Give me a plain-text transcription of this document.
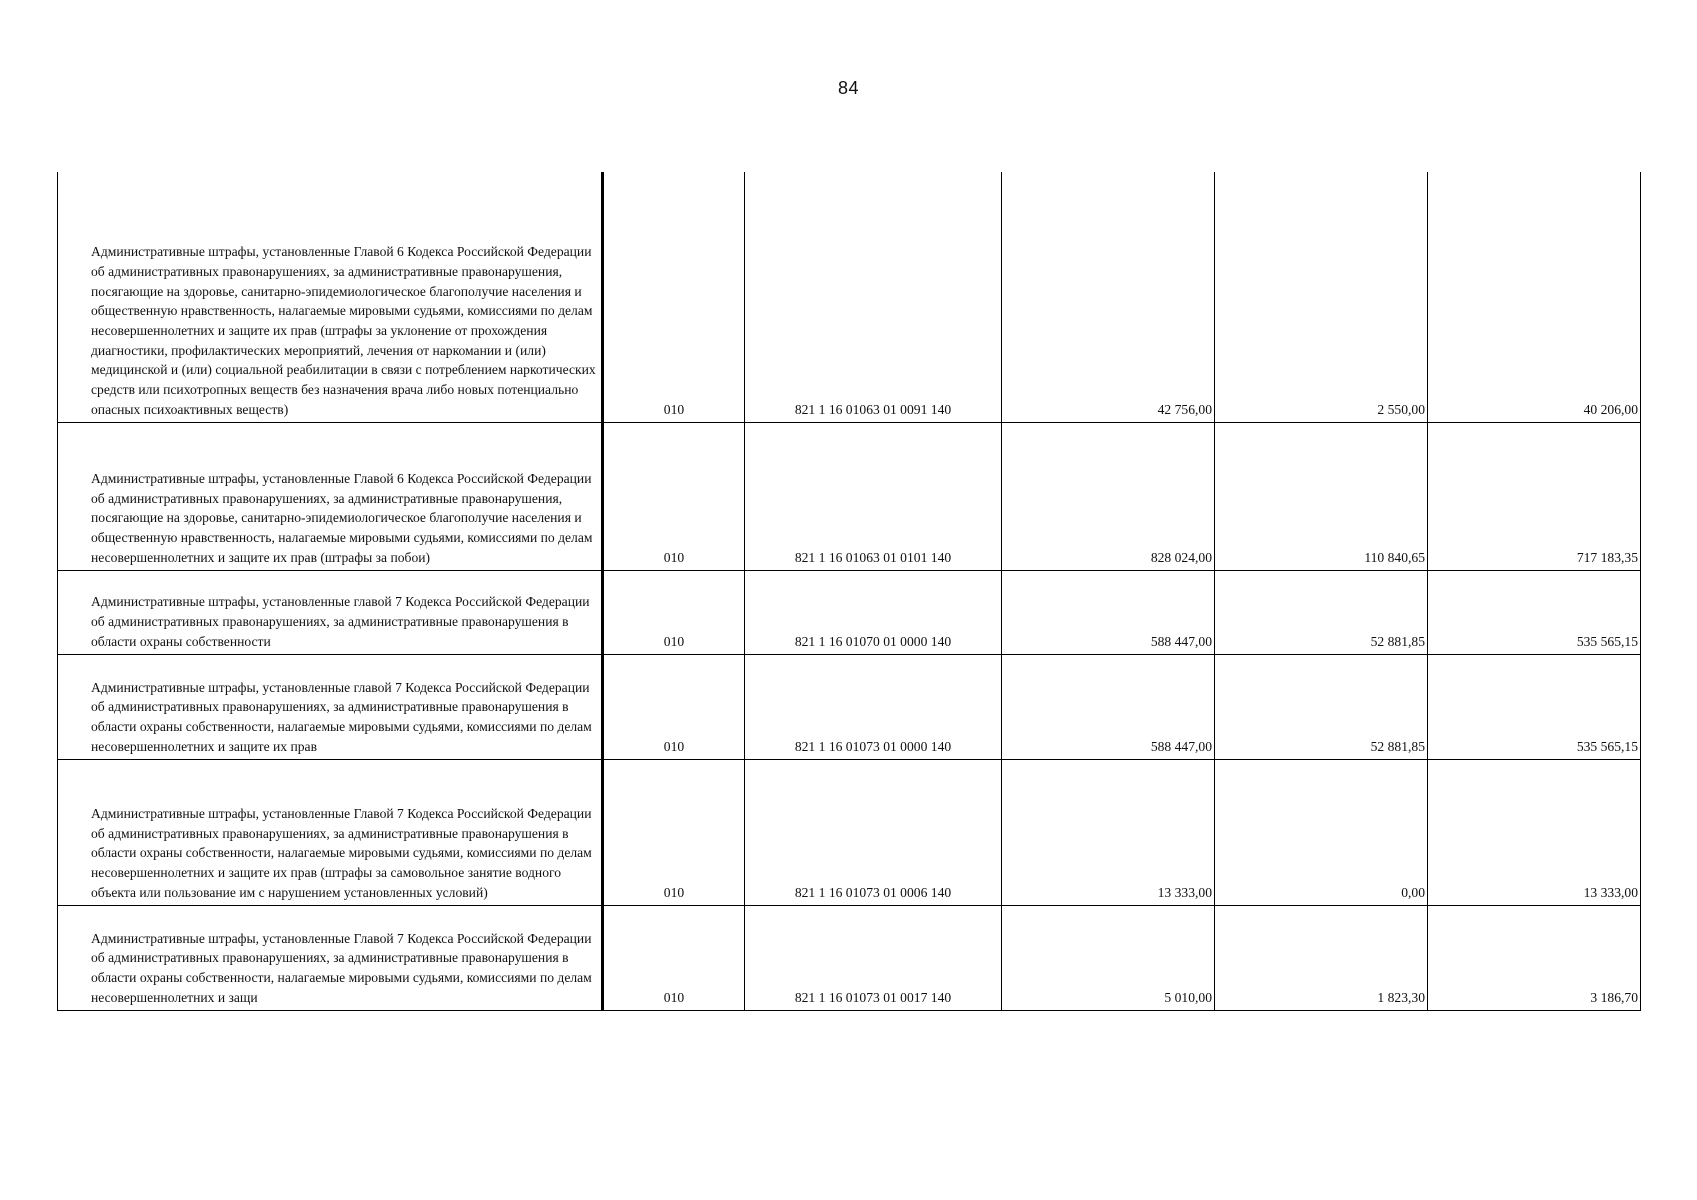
84
Административные штрафы, установленные Главой 6 Кодекса Российской Федерации об административных правонарушениях, за административные правонарушения, посягающие на здоровье, санитарно-эпидемиологическое благополучие населения и общественную нравственность, налагаемые мировыми судьями, комиссиями по делам несовершеннолетних и защите их прав (штрафы за уклонение от прохождения диагностики, профилактических мероприятий, лечения от наркомании и (или) медицинской и (или) социальной реабилитации в связи с потреблением наркотических средств или психотропных веществ без назначения врача либо новых потенциально опасных психоактивных веществ)	010	821 1 16 01063 01 0091 140	42 756,00	2 550,00	40 206,00
Административные штрафы, установленные Главой 6 Кодекса Российской Федерации об административных правонарушениях, за административные правонарушения, посягающие на здоровье, санитарно-эпидемиологическое благополучие населения и общественную нравственность, налагаемые мировыми судьями, комиссиями по делам несовершеннолетних и защите их прав (штрафы за побои)	010	821 1 16 01063 01 0101 140	828 024,00	110 840,65	717 183,35
Административные штрафы, установленные главой 7 Кодекса Российской Федерации об административных правонарушениях, за административные правонарушения в области охраны собственности	010	821 1 16 01070 01 0000 140	588 447,00	52 881,85	535 565,15
Административные штрафы, установленные главой 7 Кодекса Российской Федерации об административных правонарушениях, за административные правонарушения в области охраны собственности, налагаемые мировыми судьями, комиссиями по делам несовершеннолетних и защите их прав	010	821 1 16 01073 01 0000 140	588 447,00	52 881,85	535 565,15
Административные штрафы, установленные Главой 7 Кодекса Российской Федерации об административных правонарушениях, за административные правонарушения в области охраны собственности, налагаемые мировыми судьями, комиссиями по делам несовершеннолетних и защите их прав (штрафы за самовольное занятие водного объекта или пользование им с нарушением установленных условий)	010	821 1 16 01073 01 0006 140	13 333,00	0,00	13 333,00
Административные штрафы, установленные Главой 7 Кодекса Российской Федерации об административных правонарушениях, за административные правонарушения в области охраны собственности, налагаемые мировыми судьями, комиссиями по делам несовершеннолетних и защи	010	821 1 16 01073 01 0017 140	5 010,00	1 823,30	3 186,70
